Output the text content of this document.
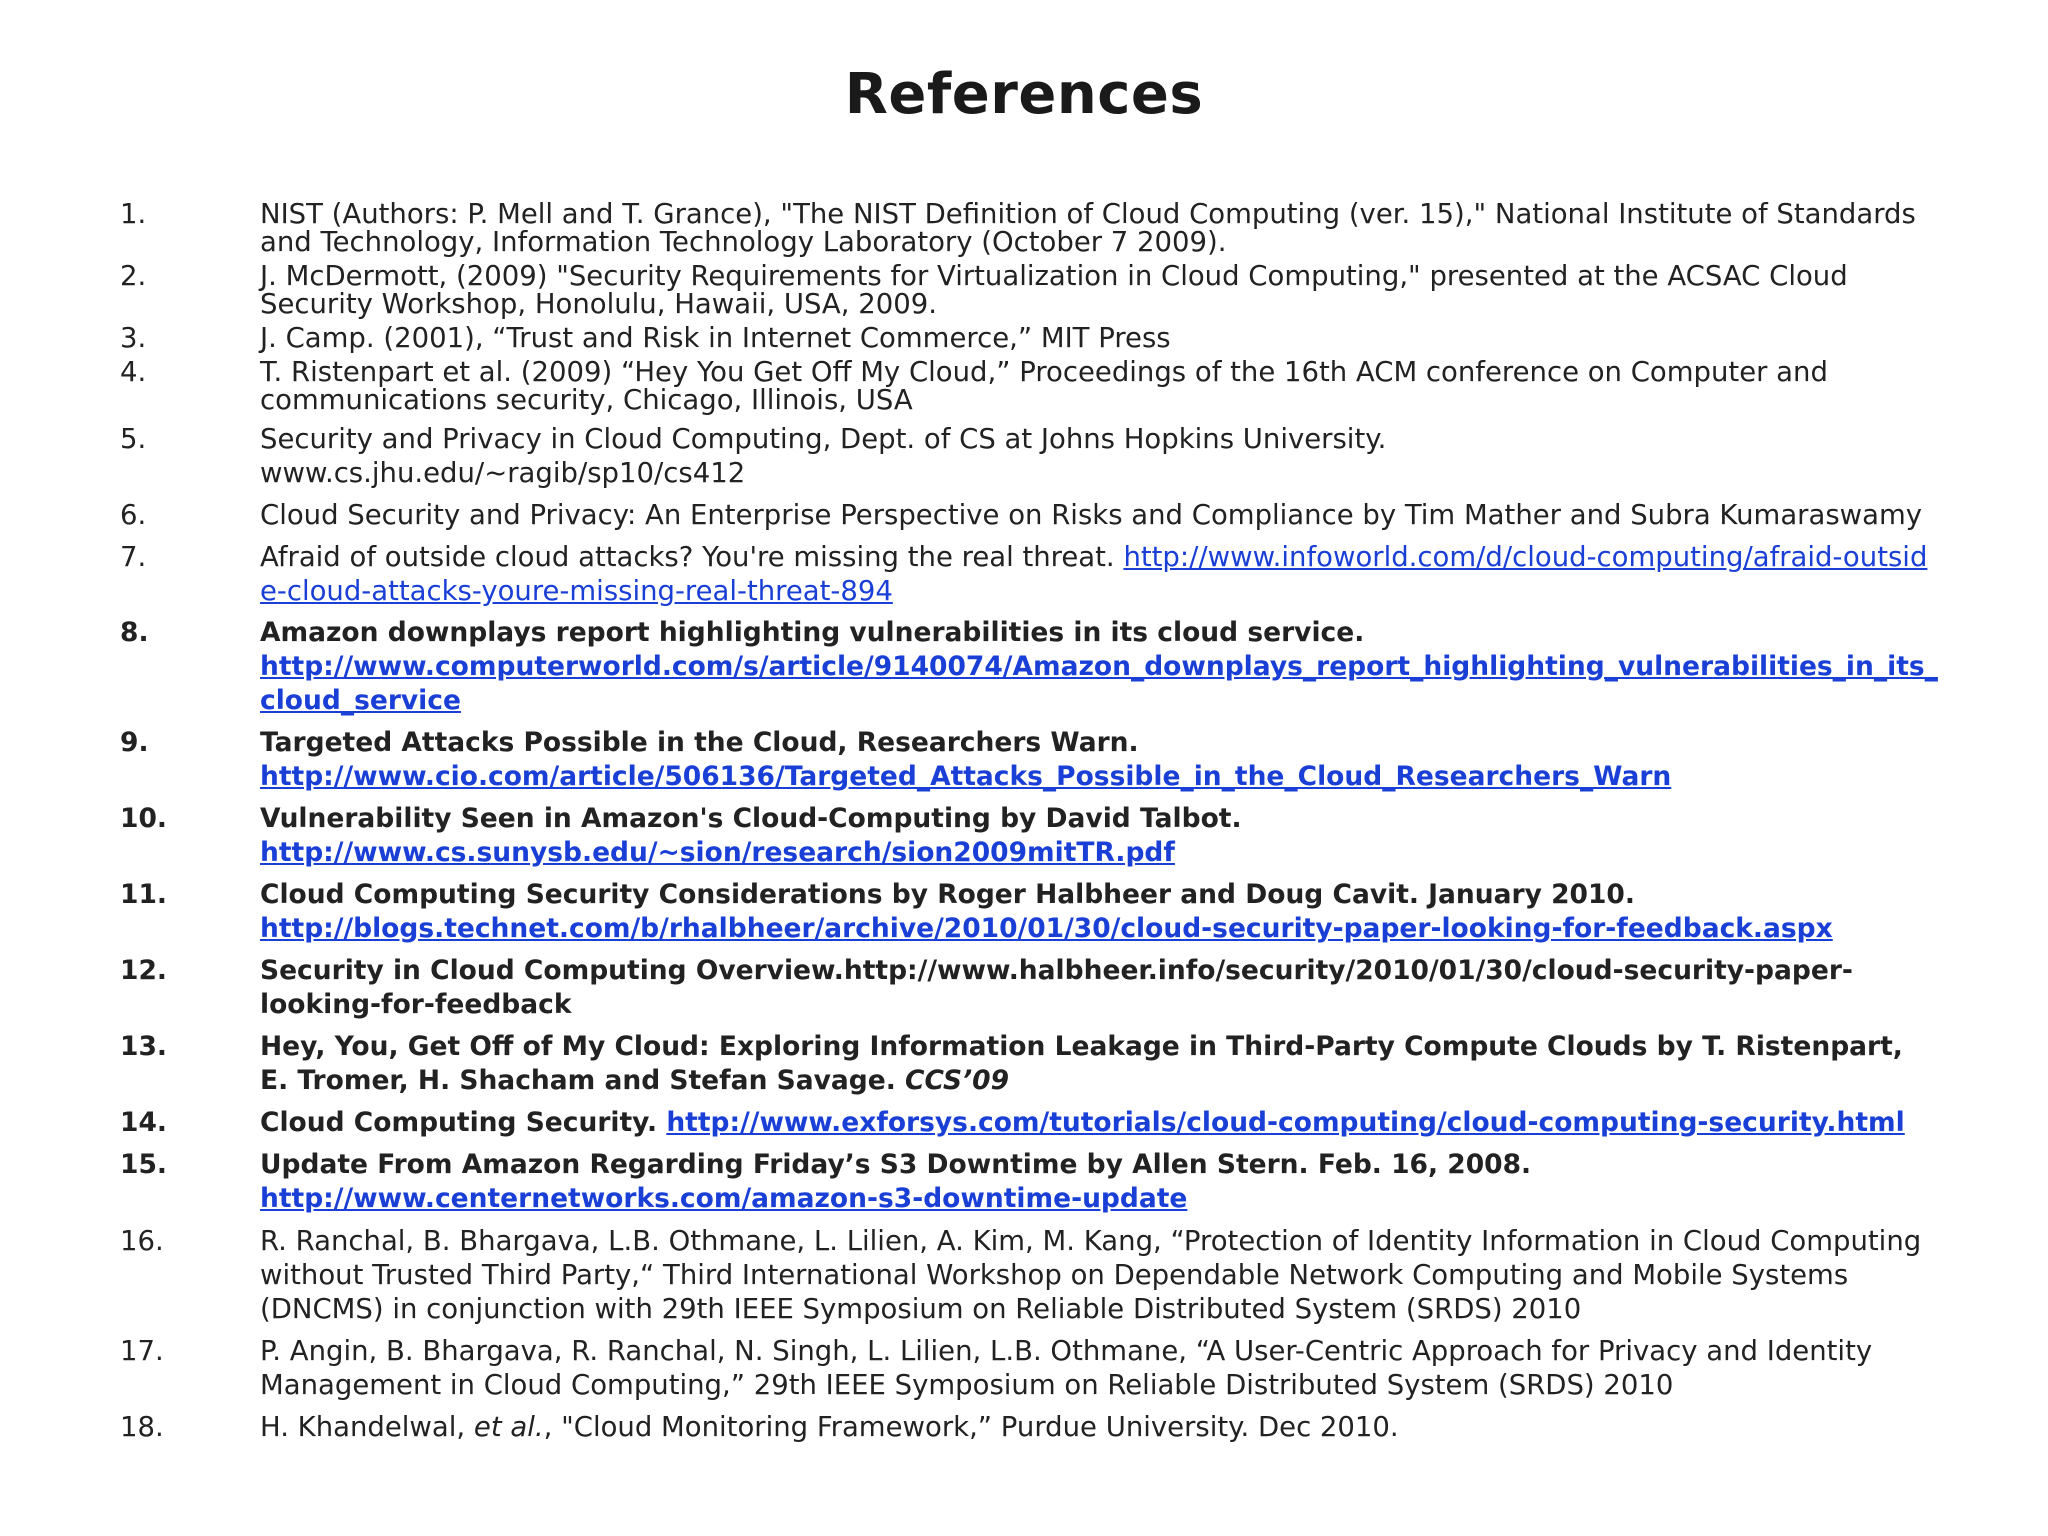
References
1.	NIST (Authors: P. Mell and T. Grance), "The NIST Definition of Cloud Computing (ver. 15)," National Institute of Standards and Technology, Information Technology Laboratory (October 7 2009).
2.	J. McDermott, (2009) "Security Requirements for Virtualization in Cloud Computing," presented at the ACSAC Cloud Security Workshop, Honolulu, Hawaii, USA, 2009.
3.	J. Camp. (2001), “Trust and Risk in Internet Commerce,” MIT Press
4.	T. Ristenpart et al. (2009) “Hey You Get Off My Cloud,” Proceedings of the 16th ACM conference on Computer and communications security, Chicago, Illinois, USA
5.	Security and Privacy in Cloud Computing, Dept. of CS at Johns Hopkins University.
www.cs.jhu.edu/~ragib/sp10/cs412
6.	Cloud Security and Privacy: An Enterprise Perspective on Risks and Compliance by Tim Mather and Subra Kumaraswamy
7.	Afraid of outside cloud attacks? You're missing the real threat. http://www.infoworld.com/d/cloud-computing/afraid-outside-cloud-attacks-youre-missing-real-threat-894
8.	Amazon downplays report highlighting vulnerabilities in its cloud service.
http://www.computerworld.com/s/article/9140074/Amazon_downplays_report_highlighting_vulnerabilities_in_its_cloud_service
9.	Targeted Attacks Possible in the Cloud, Researchers Warn.
http://www.cio.com/article/506136/Targeted_Attacks_Possible_in_the_Cloud_Researchers_Warn
10.	Vulnerability Seen in Amazon's Cloud-Computing by David Talbot.
http://www.cs.sunysb.edu/~sion/research/sion2009mitTR.pdf
11.	Cloud Computing Security Considerations by Roger Halbheer and Doug Cavit. January 2010.
http://blogs.technet.com/b/rhalbheer/archive/2010/01/30/cloud-security-paper-looking-for-feedback.aspx
12.	Security in Cloud Computing Overview.http://www.halbheer.info/security/2010/01/30/cloud-security-paper-looking-for-feedback
13.	Hey, You, Get Off of My Cloud: Exploring Information Leakage in Third-Party Compute Clouds by T. Ristenpart, E. Tromer, H. Shacham and Stefan Savage. CCS’09
14.	Cloud Computing Security. http://www.exforsys.com/tutorials/cloud-computing/cloud-computing-security.html
15.	Update From Amazon Regarding Friday’s S3 Downtime by Allen Stern. Feb. 16, 2008.
http://www.centernetworks.com/amazon-s3-downtime-update
16.	R. Ranchal, B. Bhargava, L.B. Othmane, L. Lilien, A. Kim, M. Kang, “Protection of Identity Information in Cloud Computing without Trusted Third Party,“ Third International Workshop on Dependable Network Computing and Mobile Systems (DNCMS) in conjunction with 29th IEEE Symposium on Reliable Distributed System (SRDS) 2010
17.	P. Angin, B. Bhargava, R. Ranchal, N. Singh, L. Lilien, L.B. Othmane, “A User-Centric Approach for Privacy and Identity Management in Cloud Computing,” 29th IEEE Symposium on Reliable Distributed System (SRDS) 2010
18.	H. Khandelwal, et al., "Cloud Monitoring Framework,” Purdue University. Dec 2010.
